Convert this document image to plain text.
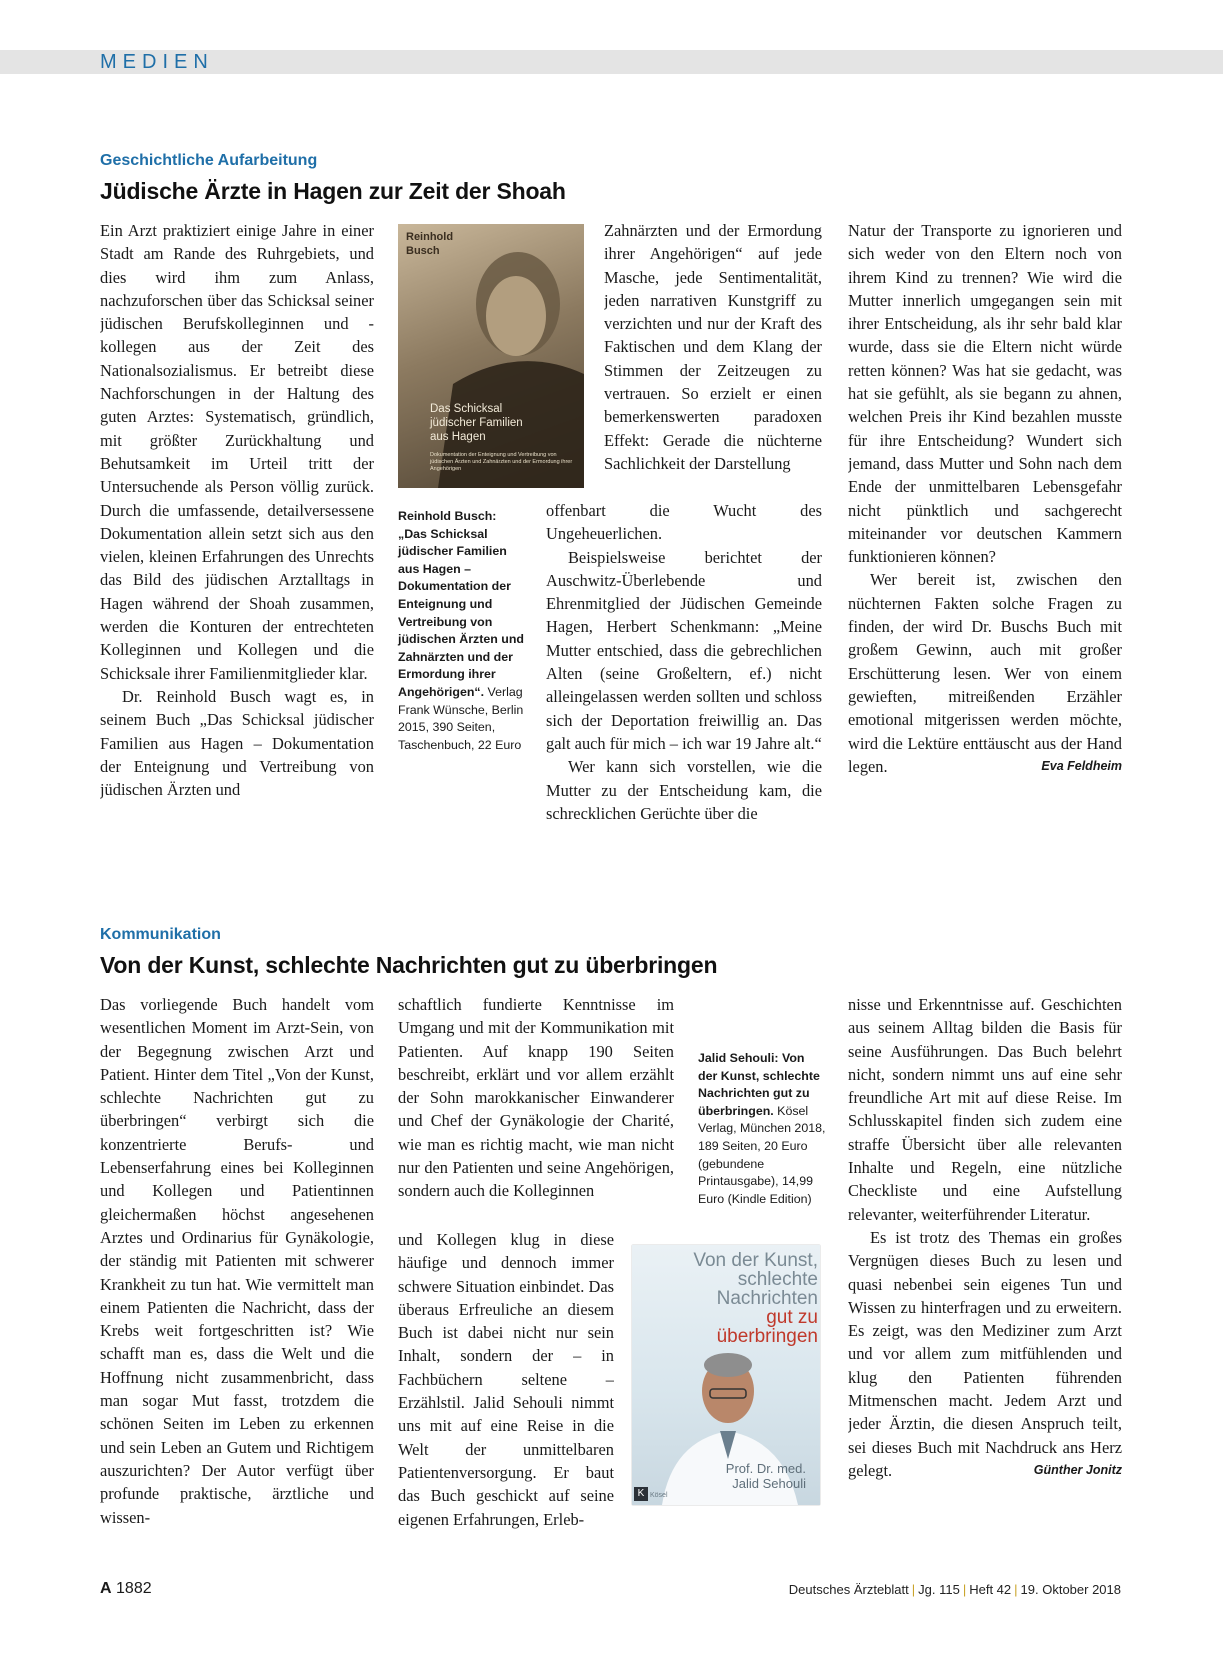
MEDIEN
Geschichtliche Aufarbeitung
Jüdische Ärzte in Hagen zur Zeit der Shoah

Ein Arzt praktiziert einige Jahre in einer Stadt am Rande des Ruhrgebiets, und dies wird ihm zum Anlass, nachzuforschen über das Schicksal seiner jüdischen Berufskolleginnen und -kollegen aus der Zeit des Nationalsozialismus. Er betreibt diese Nachforschungen in der Haltung des guten Arztes: Systematisch, gründlich, mit größter Zurückhaltung und Behutsamkeit im Urteil tritt der Untersuchende als Person völlig zurück. Durch die umfassende, detailversessene Dokumentation allein setzt sich aus den vielen, kleinen Erfahrungen des Unrechts das Bild des jüdischen Arztalltags in Hagen während der Shoah zusammen, werden die Konturen der entrechteten Kolleginnen und Kollegen und die Schicksale ihrer Familienmitglieder klar.

Dr. Reinhold Busch wagt es, in seinem Buch „Das Schicksal jüdischer Familien aus Hagen – Dokumentation der Enteignung und Vertreibung von jüdischen Ärzten und

Reinhold
Busch
Das Schicksal
jüdischer Familien
aus Hagen
Dokumentation der Enteignung und Vertreibung von jüdischen Ärzten und Zahnärzten und der Ermordung ihrer Angehörigen
Reinhold Busch: „Das Schicksal jüdischer Familien aus Hagen – Dokumentation der Enteignung und Vertreibung von jüdischen Ärzten und Zahnärzten und der Ermordung ihrer Angehörigen“. Verlag Frank Wünsche, Berlin 2015, 390 Seiten, Taschenbuch, 22 Euro

Zahnärzten und der Ermordung ihrer Angehörigen“ auf jede Masche, jede Sentimentalität, jeden narrativen Kunstgriff zu verzichten und nur der Kraft des Faktischen und dem Klang der Stimmen der Zeitzeugen zu vertrauen. So erzielt er einen bemerkenswerten paradoxen Effekt: Gerade die nüchterne Sachlichkeit der Darstellung

offenbart die Wucht des Ungeheuerlichen.

Beispielsweise berichtet der Auschwitz-Überlebende und Ehrenmitglied der Jüdischen Gemeinde Hagen, Herbert Schenkmann: „Meine Mutter entschied, dass die gebrechlichen Alten (seine Großeltern, ef.) nicht alleingelassen werden sollten und schloss sich der Deportation freiwillig an. Das galt auch für mich – ich war 19 Jahre alt.“

Wer kann sich vorstellen, wie die Mutter zu der Entscheidung kam, die schrecklichen Gerüchte über die

Natur der Transporte zu ignorieren und sich weder von den Eltern noch von ihrem Kind zu trennen? Wie wird die Mutter innerlich umgegangen sein mit ihrer Entscheidung, als ihr sehr bald klar wurde, dass sie die Eltern nicht würde retten können? Was hat sie gedacht, was hat sie gefühlt, als sie begann zu ahnen, welchen Preis ihr Kind bezahlen musste für ihre Entscheidung? Wundert sich jemand, dass Mutter und Sohn nach dem Ende der unmittelbaren Lebensgefahr nicht pünktlich und sachgerecht miteinander vor deutschen Kammern funktionieren können?

Wer bereit ist, zwischen den nüchternen Fakten solche Fragen zu finden, der wird Dr. Buschs Buch mit großem Gewinn, auch mit großer Erschütterung lesen. Wer von einem gewieften, mitreißenden Erzähler emotional mitgerissen werden möchte, wird die Lektüre enttäuscht aus der Hand legen.	Eva Feldheim

Kommunikation
Von der Kunst, schlechte Nachrichten gut zu überbringen

Das vorliegende Buch handelt vom wesentlichen Moment im Arzt-Sein, von der Begegnung zwischen Arzt und Patient. Hinter dem Titel „Von der Kunst, schlechte Nachrichten gut zu überbringen“ verbirgt sich die konzentrierte Berufs- und Lebenserfahrung eines bei Kolleginnen und Kollegen und Patientinnen gleichermaßen höchst angesehenen Arztes und Ordinarius für Gynäkologie, der ständig mit Patienten mit schwerer Krankheit zu tun hat. Wie vermittelt man einem Patienten die Nachricht, dass der Krebs weit fortgeschritten ist? Wie schafft man es, dass die Welt und die Hoffnung nicht zusammenbricht, dass man sogar Mut fasst, trotzdem die schönen Seiten im Leben zu erkennen und sein Leben an Gutem und Richtigem auszurichten? Der Autor verfügt über profunde praktische, ärztliche und wissen-

schaftlich fundierte Kenntnisse im Umgang und mit der Kommunikation mit Patienten. Auf knapp 190 Seiten beschreibt, erklärt und vor allem erzählt der Sohn marokkanischer Einwanderer und Chef der Gynäkologie der Charité, wie man es richtig macht, wie man nicht nur den Patienten und seine Angehörigen, sondern auch die Kolleginnen

und Kollegen klug in diese häufige und dennoch immer schwere Situation einbindet. Das überaus Erfreuliche an diesem Buch ist dabei nicht nur sein Inhalt, sondern der – in Fachbüchern seltene – Erzählstil. Jalid Sehouli nimmt uns mit auf eine Reise in die Welt der unmittelbaren Patientenversorgung. Er baut das Buch geschickt auf seine eigenen Erfahrungen, Erleb-

Jalid Sehouli: Von der Kunst, schlechte Nachrichten gut zu überbringen. Kösel Verlag, München 2018, 189 Seiten, 20 Euro (gebundene Printausgabe), 14,99 Euro (Kindle Edition)
Von der Kunst,
schlechte
Nachrichten
gut zu
überbringen
Prof. Dr. med.
Jalid Sehouli
K Kösel

nisse und Erkenntnisse auf. Geschichten aus seinem Alltag bilden die Basis für seine Ausführungen. Das Buch belehrt nicht, sondern nimmt uns auf eine sehr freundliche Art mit auf diese Reise. Im Schlusskapitel finden sich zudem eine straffe Übersicht über alle relevanten Inhalte und Regeln, eine nützliche Checkliste und eine Aufstellung relevanter, weiterführender Literatur.

Es ist trotz des Themas ein großes Vergnügen dieses Buch zu lesen und quasi nebenbei sein eigenes Tun und Wissen zu hinterfragen und zu erweitern. Es zeigt, was den Mediziner zum Arzt und vor allem zum mitfühlenden und klug den Patienten führenden Mitmenschen macht. Jedem Arzt und jeder Ärztin, die diesen Anspruch teilt, sei dieses Buch mit Nachdruck ans Herz gelegt.	Günther Jonitz

A 1882	Deutsches Ärzteblatt | Jg. 115 | Heft 42 | 19. Oktober 2018
